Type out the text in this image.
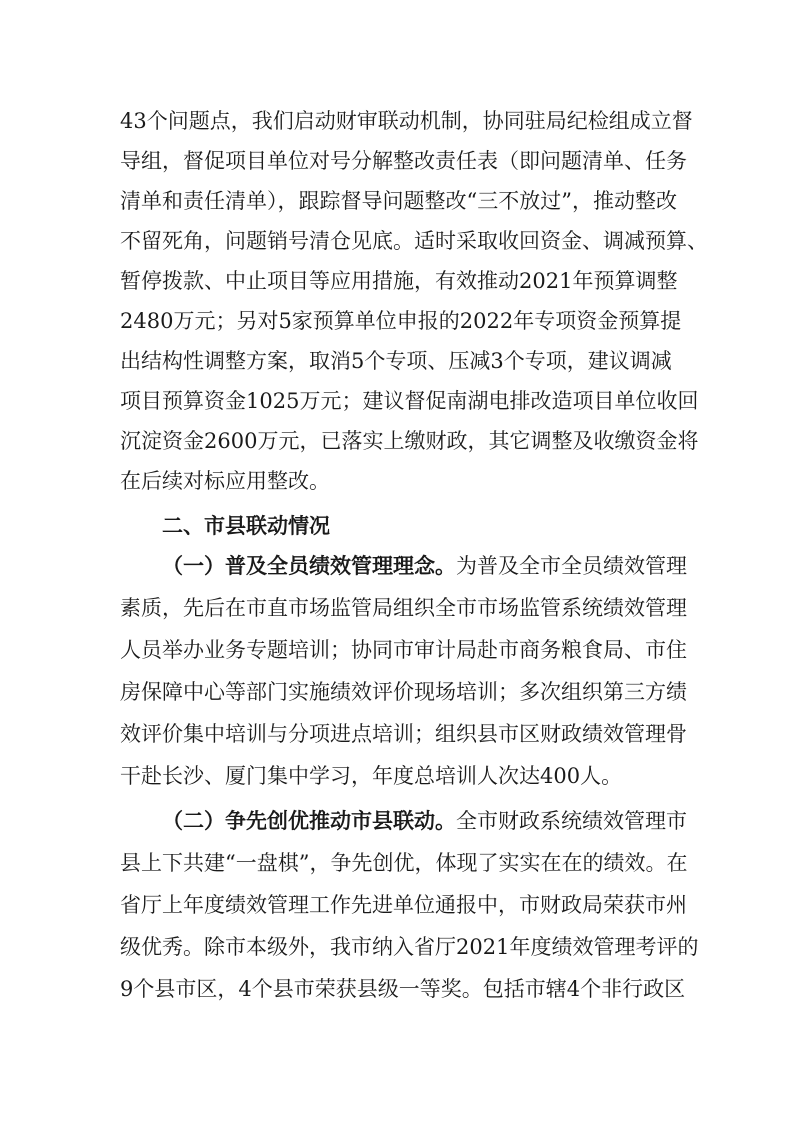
43个问题点，我们启动财审联动机制，协同驻局纪检组成立督
导组，督促项目单位对号分解整改责任表（即问题清单、任务
清单和责任清单），跟踪督导问题整改“三不放过”，推动整改
不留死角，问题销号清仓见底。适时采取收回资金、调减预算、
暂停拨款、中止项目等应用措施，有效推动2021年预算调整
2480万元；另对5家预算单位申报的2022年专项资金预算提
出结构性调整方案，取消5个专项、压减3个专项，建议调减
项目预算资金1025万元；建议督促南湖电排改造项目单位收回
沉淀资金2600万元，已落实上缴财政，其它调整及收缴资金将
在后续对标应用整改。
二、市县联动情况
（一）普及全员绩效管理理念。为普及全市全员绩效管理
素质，先后在市直市场监管局组织全市市场监管系统绩效管理
人员举办业务专题培训；协同市审计局赴市商务粮食局、市住
房保障中心等部门实施绩效评价现场培训；多次组织第三方绩
效评价集中培训与分项进点培训；组织县市区财政绩效管理骨
干赴长沙、厦门集中学习，年度总培训人次达400人。
（二）争先创优推动市县联动。全市财政系统绩效管理市
县上下共建“一盘棋”，争先创优，体现了实实在在的绩效。在
省厅上年度绩效管理工作先进单位通报中，市财政局荣获市州
级优秀。除市本级外，我市纳入省厅2021年度绩效管理考评的
9个县市区，4个县市荣获县级一等奖。包括市辖4个非行政区
